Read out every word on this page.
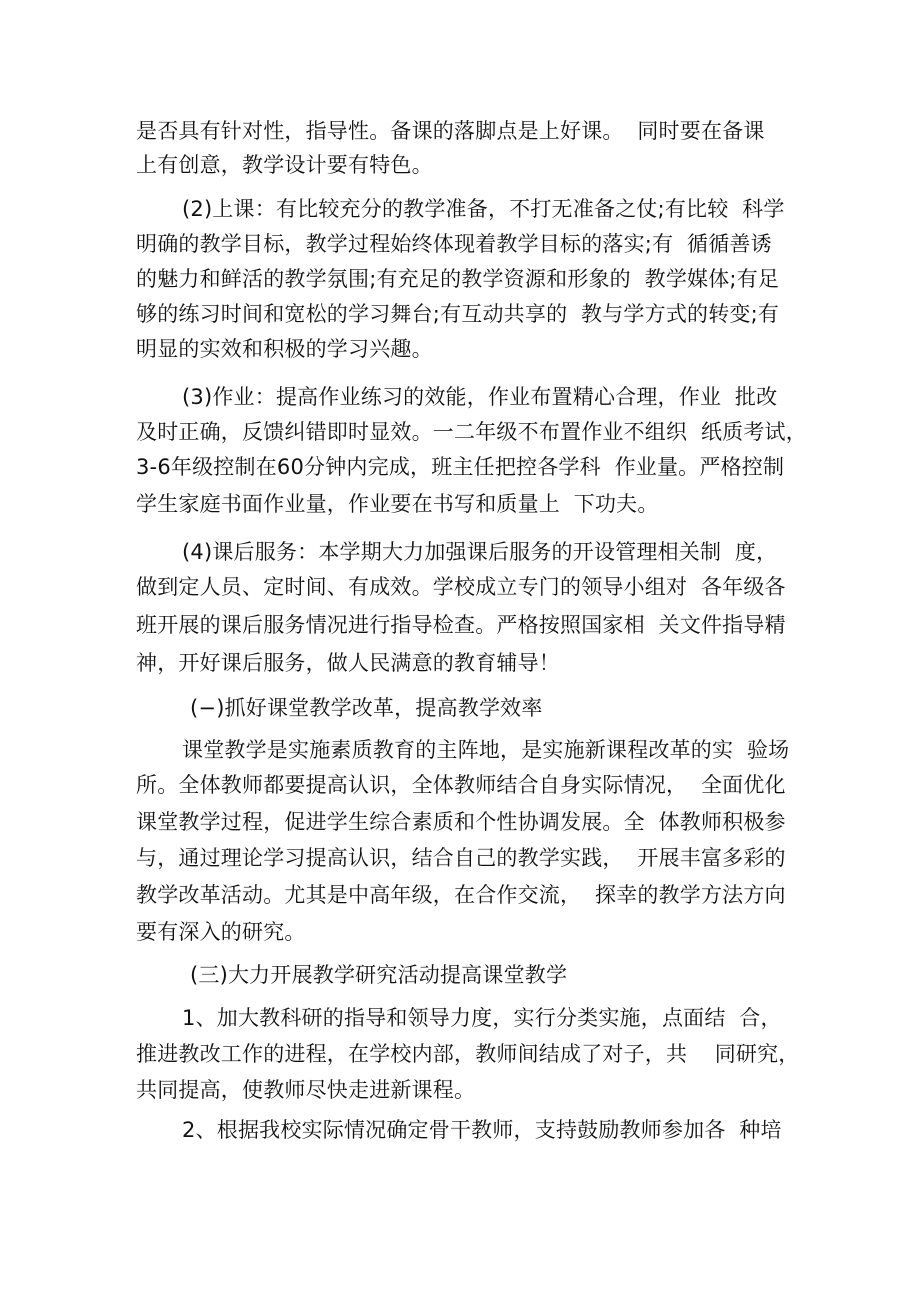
是否具有针对性，指导性。备课的落脚点是上好课。  同时要在备课
上有创意，教学设计要有特色。
(2)上课：有比较充分的教学准备，不打无准备之仗;有比较  科学
明确的教学目标，教学过程始终体现着教学目标的落实;有  循循善诱
的魅力和鲜活的教学氛围;有充足的教学资源和形象的  教学媒体;有足
够的练习时间和宽松的学习舞台;有互动共享的  教与学方式的转变;有
明显的实效和积极的学习兴趣。
(3)作业：提高作业练习的效能，作业布置精心合理，作业  批改
及时正确，反馈纠错即时显效。一二年级不布置作业不组织  纸质考试，
3-6年级控制在60分钟内完成，班主任把控各学科  作业量。严格控制
学生家庭书面作业量，作业要在书写和质量上  下功夫。
(4)课后服务：本学期大力加强课后服务的开设管理相关制  度，
做到定人员、定时间、有成效。学校成立专门的领导小组对  各年级各
班开展的课后服务情况进行指导检查。严格按照国家相  关文件指导精
神，开好课后服务，做人民满意的教育辅导！
(−)抓好课堂教学改革，提高教学效率
课堂教学是实施素质教育的主阵地，是实施新课程改革的实  验场
所。全体教师都要提高认识，全体教师结合自身实际情况，  全面优化
课堂教学过程，促进学生综合素质和个性协调发展。全  体教师积极参
与，通过理论学习提高认识，结合自己的教学实践，  开展丰富多彩的
教学改革活动。尤其是中高年级，在合作交流，  探幸的教学方法方向
要有深入的研究。
(三)大力开展教学研究活动提高课堂教学
1、加大教科研的指导和领导力度，实行分类实施，点面结  合，
推进教改工作的进程，在学校内部，教师间结成了对子，共    同研究，
共同提高，使教师尽快走进新课程。
2、根据我校实际情况确定骨干教师，支持鼓励教师参加各  种培
